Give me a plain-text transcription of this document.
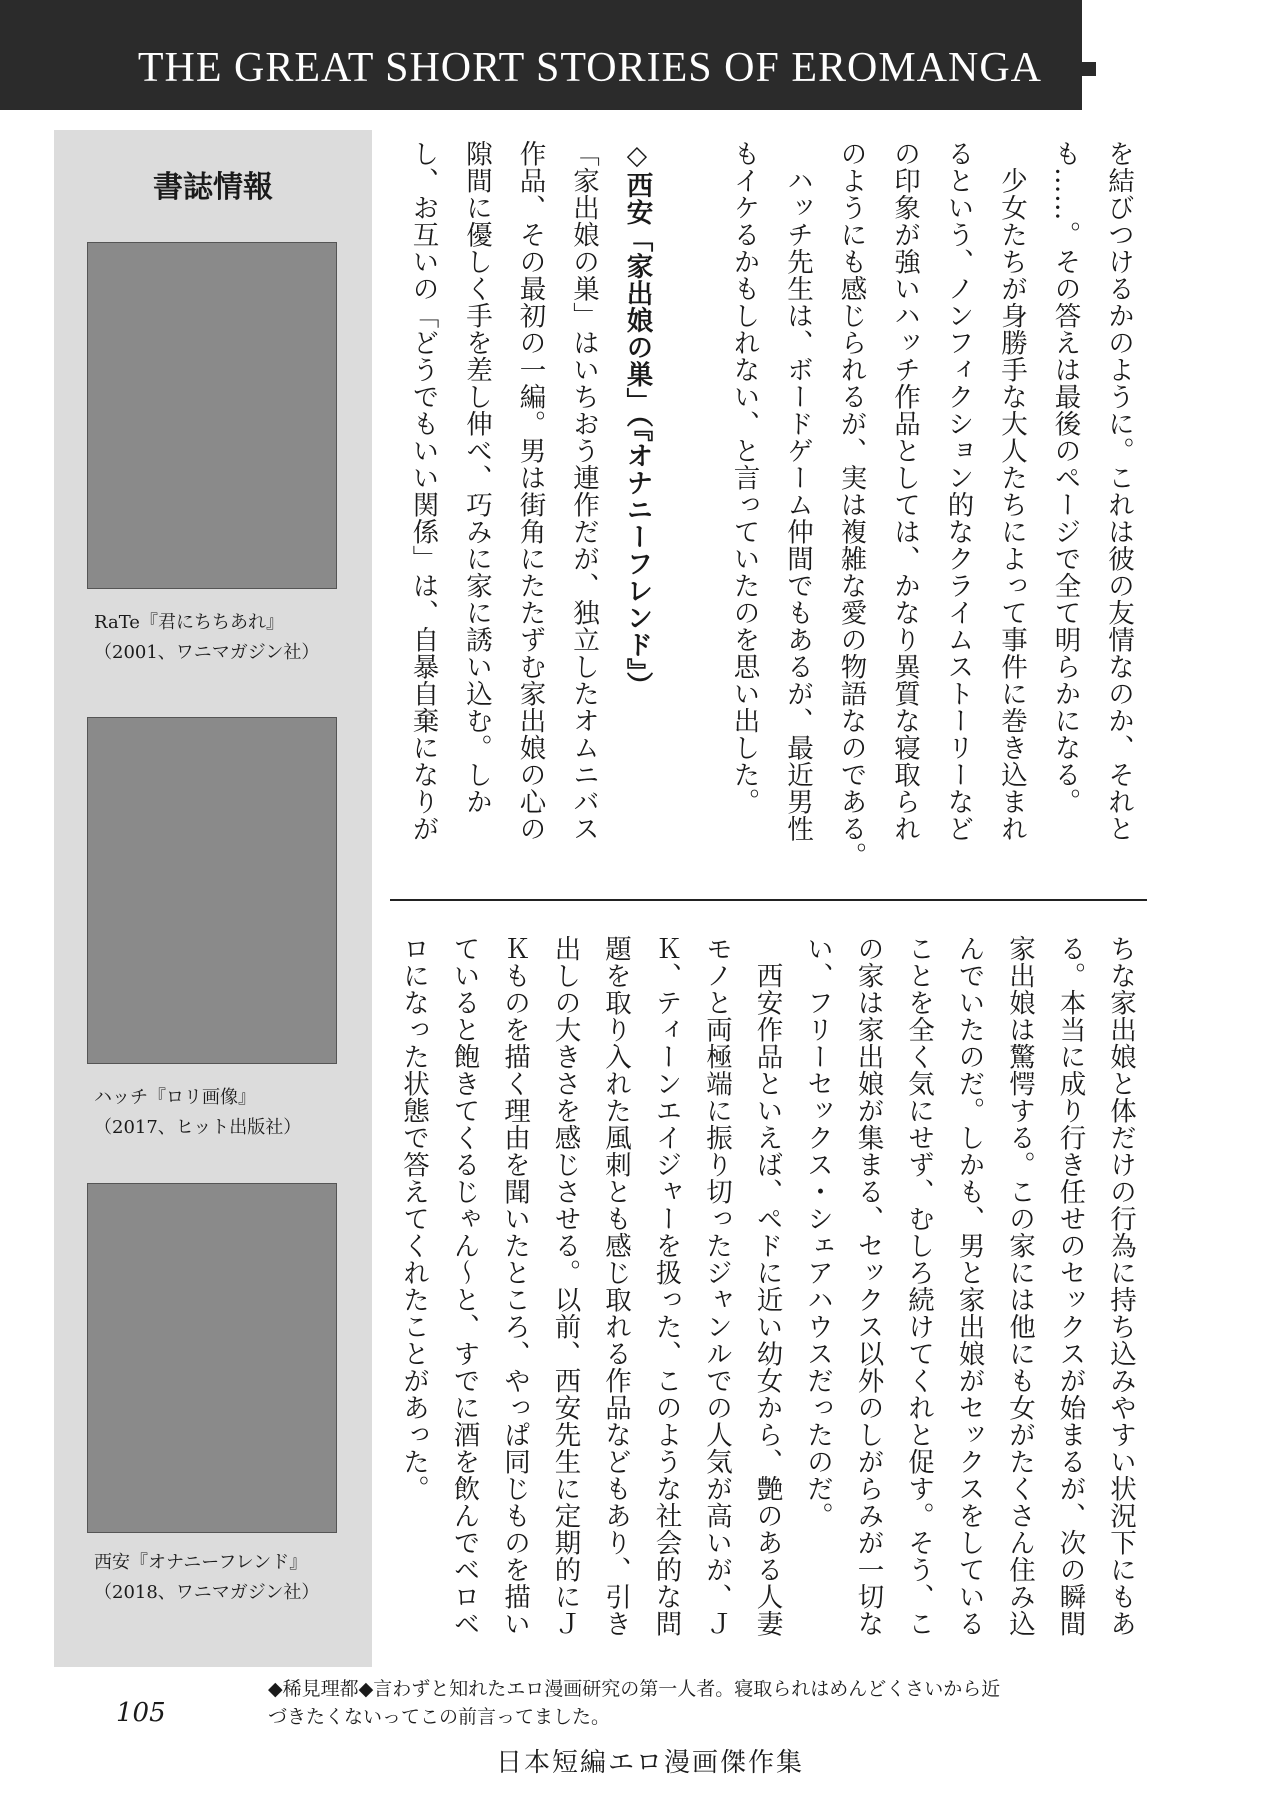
THE GREAT SHORT STORIES OF EROMANGA
書誌情報
RaTe『君にちちあれ』
（2001、ワニマガジン社）
ハッチ『ロリ画像』
（2017、ヒット出版社）
西安『オナニーフレンド』
（2018、ワニマガジン社）
を結びつけるかのように。これは彼の友情なのか、それと
も……。その答えは最後のページで全て明らかになる。
　少女たちが身勝手な大人たちによって事件に巻き込まれ
るという、ノンフィクション的なクライムストーリーなど
の印象が強いハッチ作品としては、かなり異質な寝取られ
のようにも感じられるが、実は複雑な愛の物語なのである。
　ハッチ先生は、ボードゲーム仲間でもあるが、最近男性
もイケるかもしれない、と言っていたのを思い出した。

◇西安「家出娘の巣」（『オナニーフレンド』）
「家出娘の巣」はいちおう連作だが、独立したオムニバス
作品、その最初の一編。男は街角にたたずむ家出娘の心の
隙間に優しく手を差し伸べ、巧みに家に誘い込む。しか
し、お互いの「どうでもいい関係」は、自暴自棄になりが
ちな家出娘と体だけの行為に持ち込みやすい状況下にもあ
る。本当に成り行き任せのセックスが始まるが、次の瞬間
家出娘は驚愕する。この家には他にも女がたくさん住み込
んでいたのだ。しかも、男と家出娘がセックスをしている
ことを全く気にせず、むしろ続けてくれと促す。そう、こ
の家は家出娘が集まる、セックス以外のしがらみが一切な
い、フリーセックス・シェアハウスだったのだ。
　西安作品といえば、ペドに近い幼女から、艶のある人妻
モノと両極端に振り切ったジャンルでの人気が高いが、Ｊ
Ｋ、ティーンエイジャーを扱った、このような社会的な問
題を取り入れた風刺とも感じ取れる作品などもあり、引き
出しの大きさを感じさせる。以前、西安先生に定期的にＪ
Ｋものを描く理由を聞いたところ、やっぱ同じものを描い
ていると飽きてくるじゃん〜と、すでに酒を飲んでベロベ
ロになった状態で答えてくれたことがあった。
◆稀見理都◆言わずと知れたエロ漫画研究の第一人者。寝取られはめんどくさいから近
づきたくないってこの前言ってました。
105
日本短編エロ漫画傑作集
